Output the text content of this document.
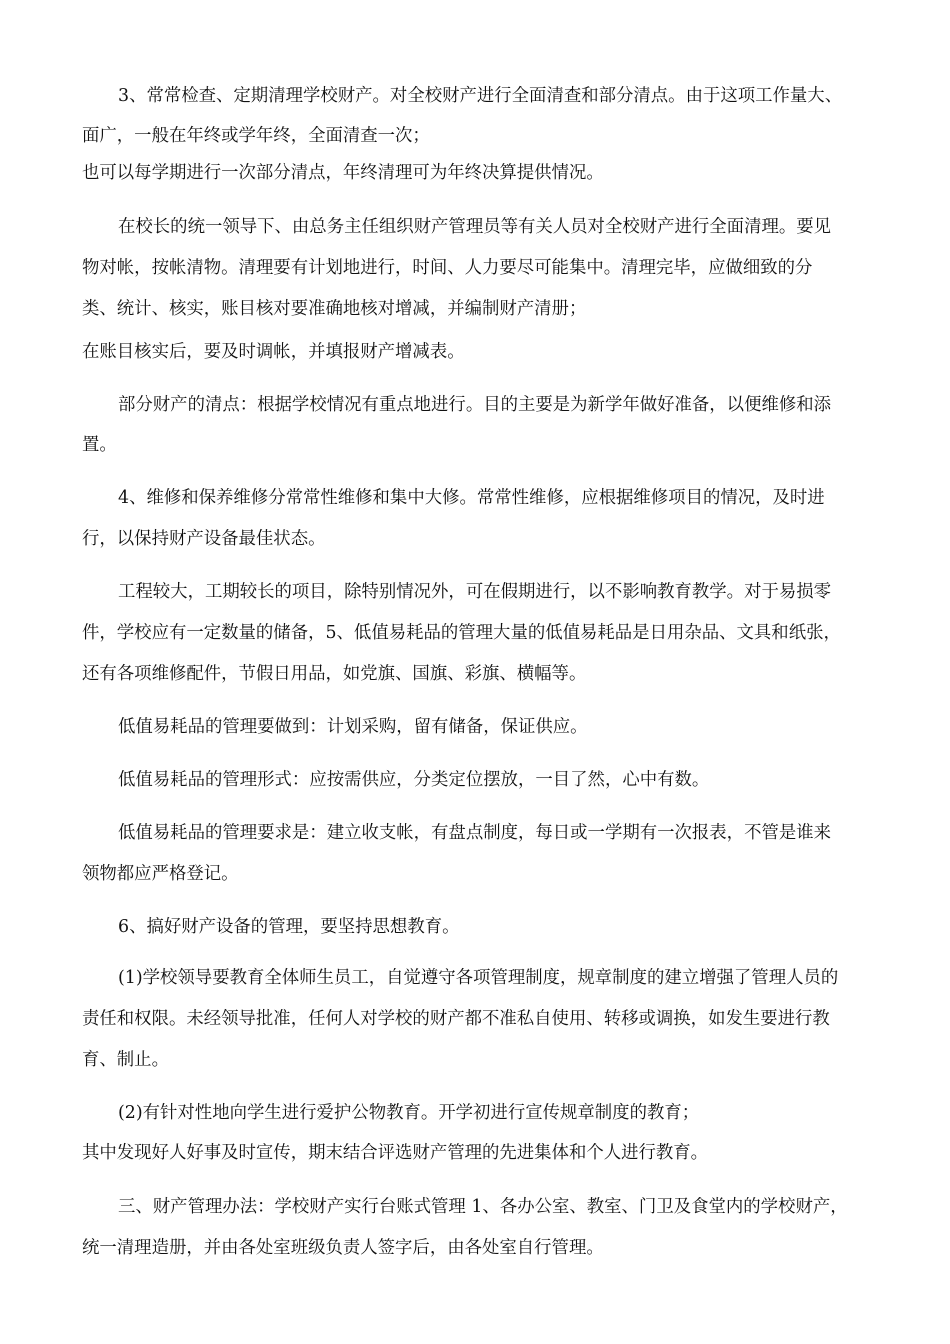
3、常常检查、定期清理学校财产。对全校财产进行全面清查和部分清点。由于这项工作量大、
面广，一般在年终或学年终，全面清查一次；
也可以每学期进行一次部分清点，年终清理可为年终决算提供情况。
在校长的统一领导下、由总务主任组织财产管理员等有关人员对全校财产进行全面清理。要见
物对帐，按帐清物。清理要有计划地进行，时间、人力要尽可能集中。清理完毕，应做细致的分
类、统计、核实，账目核对要准确地核对增减，并编制财产清册；
在账目核实后，要及时调帐，并填报财产增减表。
部分财产的清点：根据学校情况有重点地进行。目的主要是为新学年做好准备，以便维修和添
置。
4、维修和保养维修分常常性维修和集中大修。常常性维修，应根据维修项目的情况，及时进
行，以保持财产设备最佳状态。
工程较大，工期较长的项目，除特别情况外，可在假期进行，以不影响教育教学。对于易损零
件，学校应有一定数量的储备，5、低值易耗品的管理大量的低值易耗品是日用杂品、文具和纸张，
还有各项维修配件，节假日用品，如党旗、国旗、彩旗、横幅等。
低值易耗品的管理要做到：计划采购，留有储备，保证供应。
低值易耗品的管理形式：应按需供应，分类定位摆放，一目了然，心中有数。
低值易耗品的管理要求是：建立收支帐，有盘点制度，每日或一学期有一次报表，不管是谁来
领物都应严格登记。
6、搞好财产设备的管理，要坚持思想教育。
(1)学校领导要教育全体师生员工，自觉遵守各项管理制度，规章制度的建立增强了管理人员的
责任和权限。未经领导批准，任何人对学校的财产都不准私自使用、转移或调换，如发生要进行教
育、制止。
(2)有针对性地向学生进行爱护公物教育。开学初进行宣传规章制度的教育；
其中发现好人好事及时宣传，期末结合评选财产管理的先进集体和个人进行教育。
三、财产管理办法：学校财产实行台账式管理 1、各办公室、教室、门卫及食堂内的学校财产，
统一清理造册，并由各处室班级负责人签字后，由各处室自行管理。
